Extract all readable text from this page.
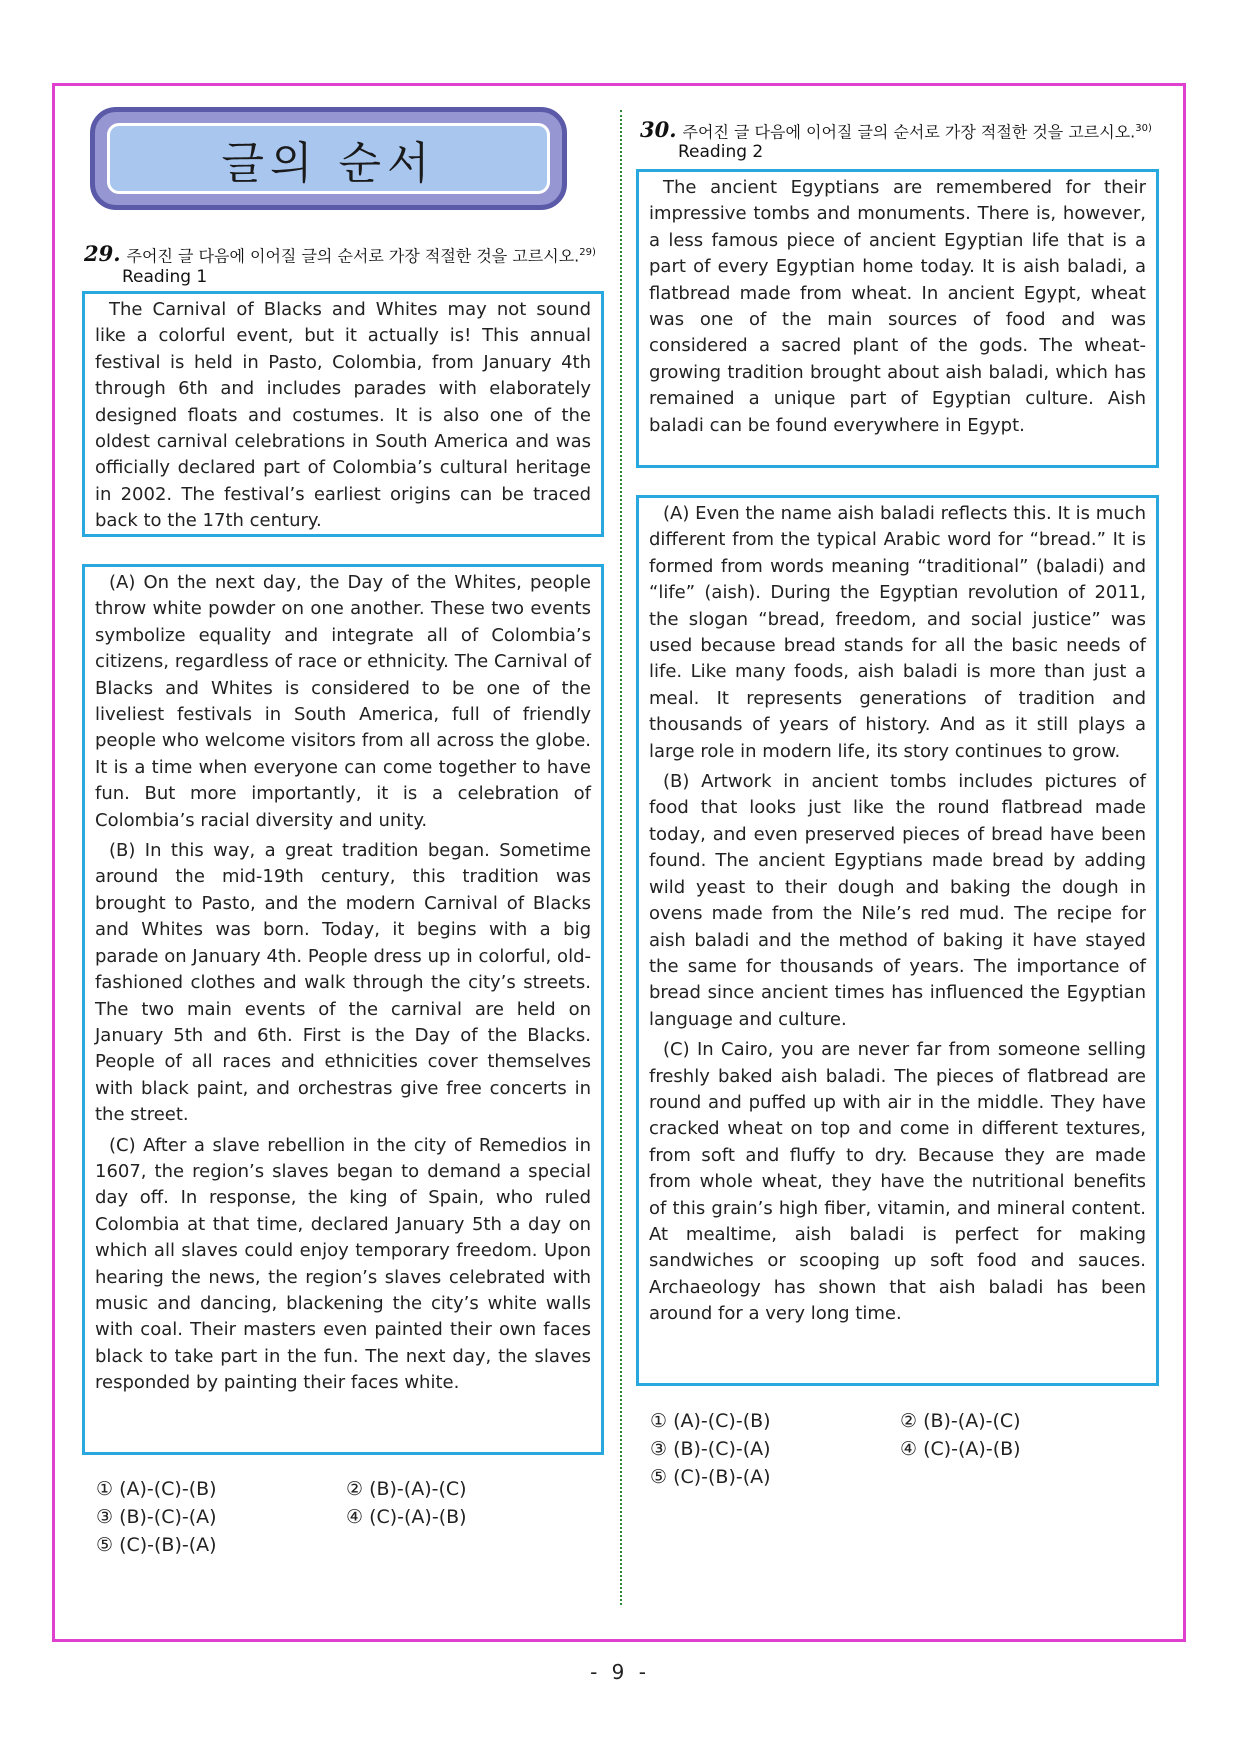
글의 순서
29. 주어진 글 다음에 이어질 글의 순서로 가장 적절한 것을 고르시오.$^{29)}$
Reading 1

The Carnival of Blacks and Whites may not sound like a colorful event, but it actually is! This annual festival is held in Pasto, Colombia, from January 4th through 6th and includes parades with elaborately designed floats and costumes. It is also one of the oldest carnival celebrations in South America and was officially declared part of Colombia’s cultural heritage in 2002. The festival’s earliest origins can be traced back to the 17th century.

(A) On the next day, the Day of the Whites, people throw white powder on one another. These two events symbolize equality and integrate all of Colombia’s citizens, regardless of race or ethnicity. The Carnival of Blacks and Whites is considered to be one of the liveliest festivals in South America, full of friendly people who welcome visitors from all across the globe. It is a time when everyone can come together to have fun. But more importantly, it is a celebration of Colombia’s racial diversity and unity.

(B) In this way, a great tradition began. Sometime around the mid-19th century, this tradition was brought to Pasto, and the modern Carnival of Blacks and Whites was born. Today, it begins with a big parade on January 4th. People dress up in colorful, old-fashioned clothes and walk through the city’s streets. The two main events of the carnival are held on January 5th and 6th. First is the Day of the Blacks. People of all races and ethnicities cover themselves with black paint, and orchestras give free concerts in the street.

(C) After a slave rebellion in the city of Remedios in 1607, the region’s slaves began to demand a special day off. In response, the king of Spain, who ruled Colombia at that time, declared January 5th a day on which all slaves could enjoy temporary freedom. Upon hearing the news, the region’s slaves celebrated with music and dancing, blackening the city’s white walls with coal. Their masters even painted their own faces black to take part in the fun. The next day, the slaves responded by painting their faces white.

① (A)-(C)-(B)	② (B)-(A)-(C)
③ (B)-(C)-(A)	④ (C)-(A)-(B)
⑤ (C)-(B)-(A)
30. 주어진 글 다음에 이어질 글의 순서로 가장 적절한 것을 고르시오.$^{30)}$
Reading 2

The ancient Egyptians are remembered for their impressive tombs and monuments. There is, however, a less famous piece of ancient Egyptian life that is a part of every Egyptian home today. It is aish baladi, a flatbread made from wheat. In ancient Egypt, wheat was one of the main sources of food and was considered a sacred plant of the gods. The wheat-growing tradition brought about aish baladi, which has remained a unique part of Egyptian culture. Aish baladi can be found everywhere in Egypt.

(A) Even the name aish baladi reflects this. It is much different from the typical Arabic word for “bread.” It is formed from words meaning “traditional” (baladi) and “life” (aish). During the Egyptian revolution of 2011, the slogan “bread, freedom, and social justice” was used because bread stands for all the basic needs of life. Like many foods, aish baladi is more than just a meal. It represents generations of tradition and thousands of years of history. And as it still plays a large role in modern life, its story continues to grow.

(B) Artwork in ancient tombs includes pictures of food that looks just like the round flatbread made today, and even preserved pieces of bread have been found. The ancient Egyptians made bread by adding wild yeast to their dough and baking the dough in ovens made from the Nile’s red mud. The recipe for aish baladi and the method of baking it have stayed the same for thousands of years. The importance of bread since ancient times has influenced the Egyptian language and culture.

(C) In Cairo, you are never far from someone selling freshly baked aish baladi. The pieces of flatbread are round and puffed up with air in the middle. They have cracked wheat on top and come in different textures, from soft and fluffy to dry. Because they are made from whole wheat, they have the nutritional benefits of this grain’s high fiber, vitamin, and mineral content. At mealtime, aish baladi is perfect for making sandwiches or scooping up soft food and sauces. Archaeology has shown that aish baladi has been around for a very long time.

① (A)-(C)-(B)	② (B)-(A)-(C)
③ (B)-(C)-(A)	④ (C)-(A)-(B)
⑤ (C)-(B)-(A)
- 9 -
